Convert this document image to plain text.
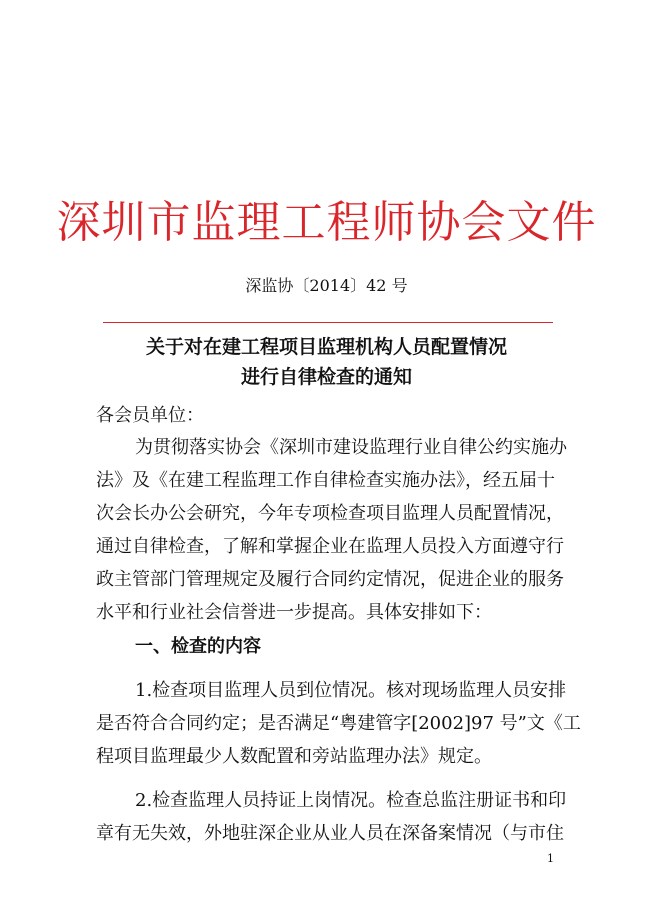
深圳市监理工程师协会文件
深监协〔2014〕42 号
关于对在建工程项目监理机构人员配置情况
进行自律检查的通知
各会员单位：
为贯彻落实协会《深圳市建设监理行业自律公约实施办
法》及《在建工程监理工作自律检查实施办法》，经五届十
次会长办公会研究，今年专项检查项目监理人员配置情况，
通过自律检查，了解和掌握企业在监理人员投入方面遵守行
政主管部门管理规定及履行合同约定情况，促进企业的服务
水平和行业社会信誉进一步提高。具体安排如下：
一、检查的内容
1.检查项目监理人员到位情况。核对现场监理人员安排
是否符合合同约定；是否满足“粤建管字[2002]97 号”文《工
程项目监理最少人数配置和旁站监理办法》规定。
2.检查监理人员持证上岗情况。检查总监注册证书和印
章有无失效，外地驻深企业从业人员在深备案情况（与市住
1
